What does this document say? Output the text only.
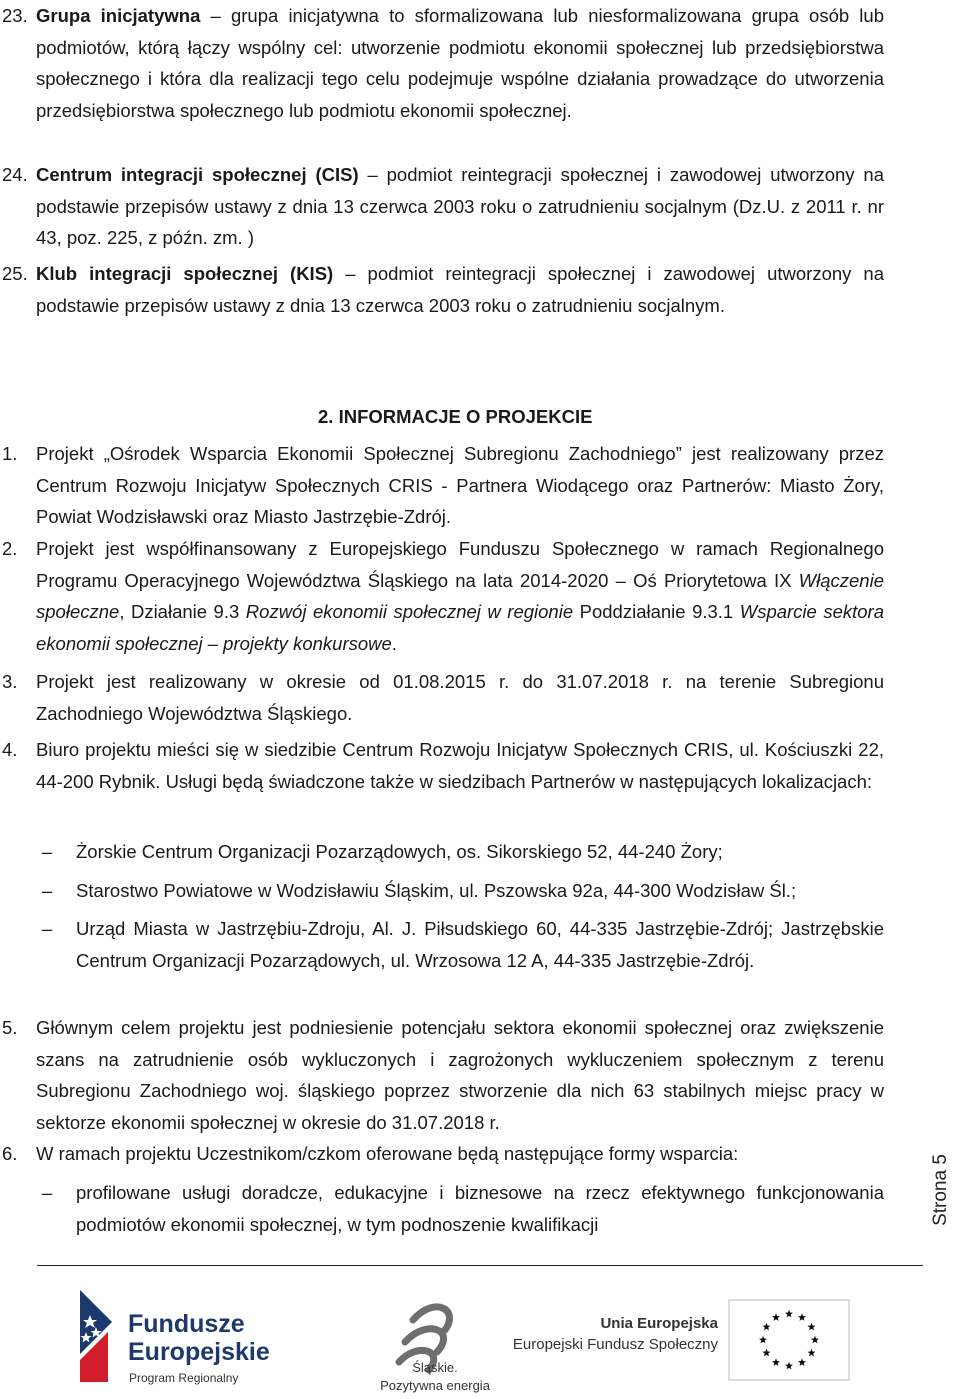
23. Grupa inicjatywna – grupa inicjatywna to sformalizowana lub niesformalizowana grupa osób lub podmiotów, którą łączy wspólny cel: utworzenie podmiotu ekonomii społecznej lub przedsiębiorstwa społecznego i która dla realizacji tego celu podejmuje wspólne działania prowadzące do utworzenia przedsiębiorstwa społecznego lub podmiotu ekonomii społecznej.
24. Centrum integracji społecznej (CIS) – podmiot reintegracji społecznej i zawodowej utworzony na podstawie przepisów ustawy z dnia 13 czerwca 2003 roku o zatrudnieniu socjalnym (Dz.U. z 2011 r. nr 43, poz. 225, z późn. zm. )
25. Klub integracji społecznej (KIS) – podmiot reintegracji społecznej i zawodowej utworzony na podstawie przepisów ustawy z dnia 13 czerwca 2003 roku o zatrudnieniu socjalnym.
2. INFORMACJE O PROJEKCIE
1. Projekt „Ośrodek Wsparcia Ekonomii Społecznej Subregionu Zachodniego” jest realizowany przez Centrum Rozwoju Inicjatyw Społecznych CRIS - Partnera Wiodącego oraz Partnerów: Miasto Żory, Powiat Wodzisławski oraz Miasto Jastrzębie-Zdrój.
2. Projekt jest współfinansowany z Europejskiego Funduszu Społecznego w ramach Regionalnego Programu Operacyjnego Województwa Śląskiego na lata 2014-2020 – Oś Priorytetowa IX Włączenie społeczne, Działanie 9.3 Rozwój ekonomii społecznej w regionie Poddziałanie 9.3.1 Wsparcie sektora ekonomii społecznej – projekty konkursowe.
3. Projekt jest realizowany w okresie od 01.08.2015 r. do 31.07.2018 r. na terenie Subregionu Zachodniego Województwa Śląskiego.
4. Biuro projektu mieści się w siedzibie Centrum Rozwoju Inicjatyw Społecznych CRIS, ul. Kościuszki 22, 44-200 Rybnik. Usługi będą świadczone także w siedzibach Partnerów w następujących lokalizacjach:
–	Żorskie Centrum Organizacji Pozarządowych, os. Sikorskiego 52, 44-240 Żory;
–	Starostwo Powiatowe w Wodzisławiu Śląskim, ul. Pszowska 92a, 44-300 Wodzisław Śl.;
–	Urząd Miasta w Jastrzębiu-Zdroju, Al. J. Piłsudskiego 60, 44-335 Jastrzębie-Zdrój; Jastrzębskie Centrum Organizacji Pozarządowych, ul. Wrzosowa 12 A, 44-335 Jastrzębie-Zdrój.
5. Głównym celem projektu jest podniesienie potencjału sektora ekonomii społecznej oraz zwiększenie szans na zatrudnienie osób wykluczonych i zagrożonych wykluczeniem społecznym z terenu Subregionu Zachodniego woj. śląskiego poprzez stworzenie dla nich 63 stabilnych miejsc pracy w sektorze ekonomii społecznej w okresie do 31.07.2018 r.
6. W ramach projektu Uczestnikom/czkom oferowane będą następujące formy wsparcia:
–	profilowane usługi doradcze, edukacyjne i biznesowe na rzecz efektywnego funkcjonowania podmiotów ekonomii społecznej, w tym podnoszenie kwalifikacji	Strona 5
Fundusze
Europejskie
Program Regionalny
Śląskie.
Pozytywna energia
Unia Europejska
Europejski Fundusz Społeczny
